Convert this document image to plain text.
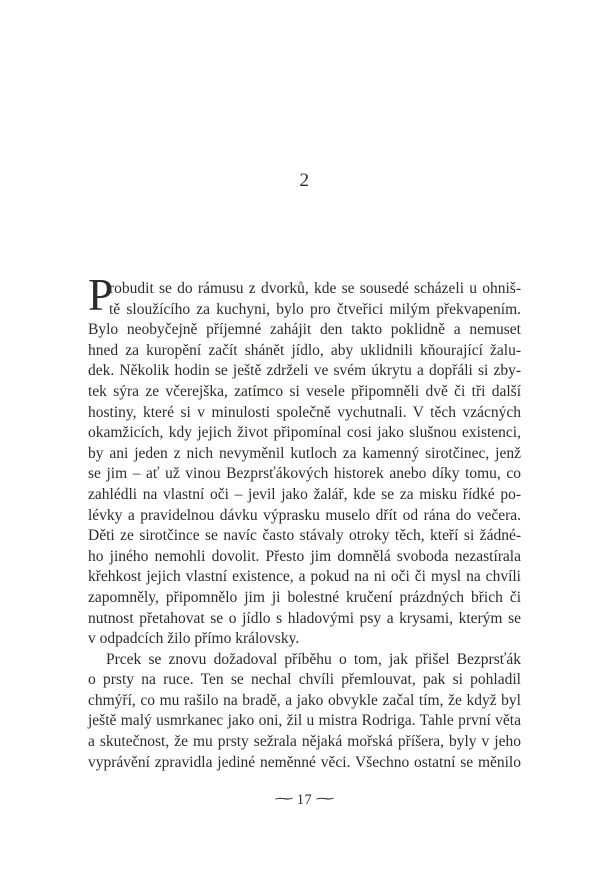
2
P
robudit se do rámusu z dvorků, kde se sousedé scházeli u ohniš-
tě sloužícího za kuchyni, bylo pro čtveřici milým překvapením.
Bylo neobyčejně příjemné zahájit den takto poklidně a nemuset
hned za kuropění začít shánět jídlo, aby uklidnili kňourající žalu-
dek. Několik hodin se ještě zdrželi ve svém úkrytu a dopřáli si zby-
tek sýra ze včerejška, zatímco si vesele připomněli dvě či tři další
hostiny, které si v minulosti společně vychutnali. V těch vzácných
okamžicích, kdy jejich život připomínal cosi jako slušnou existenci,
by ani jeden z nich nevyměnil kutloch za kamenný sirotčinec, jenž
se jim – ať už vinou Bezprsťákových historek anebo díky tomu, co
zahlédli na vlastní oči – jevil jako žalář, kde se za misku řídké po-
lévky a pravidelnou dávku výprasku muselo dřít od rána do večera.
Děti ze sirotčince se navíc často stávaly otroky těch, kteří si žádné-
ho jiného nemohli dovolit. Přesto jim domnělá svoboda nezastírala
křehkost jejich vlastní existence, a pokud na ni oči či mysl na chvíli
zapomněly, připomnělo jim ji bolestné kručení prázdných břich či
nutnost přetahovat se o jídlo s hladovými psy a krysami, kterým se
v odpadcích žilo přímo královsky.
Prcek se znovu dožadoval příběhu o tom, jak přišel Bezprsťák
o prsty na ruce. Ten se nechal chvíli přemlouvat, pak si pohladil
chmýří, co mu rašilo na bradě, a jako obvykle začal tím, že když byl
ještě malý usmrkanec jako oni, žil u mistra Rodriga. Tahle první věta
a skutečnost, že mu prsty sežrala nějaká mořská příšera, byly v jeho
vyprávění zpravidla jediné neměnné věci. Všechno ostatní se měnilo
∼ 17 ∼
